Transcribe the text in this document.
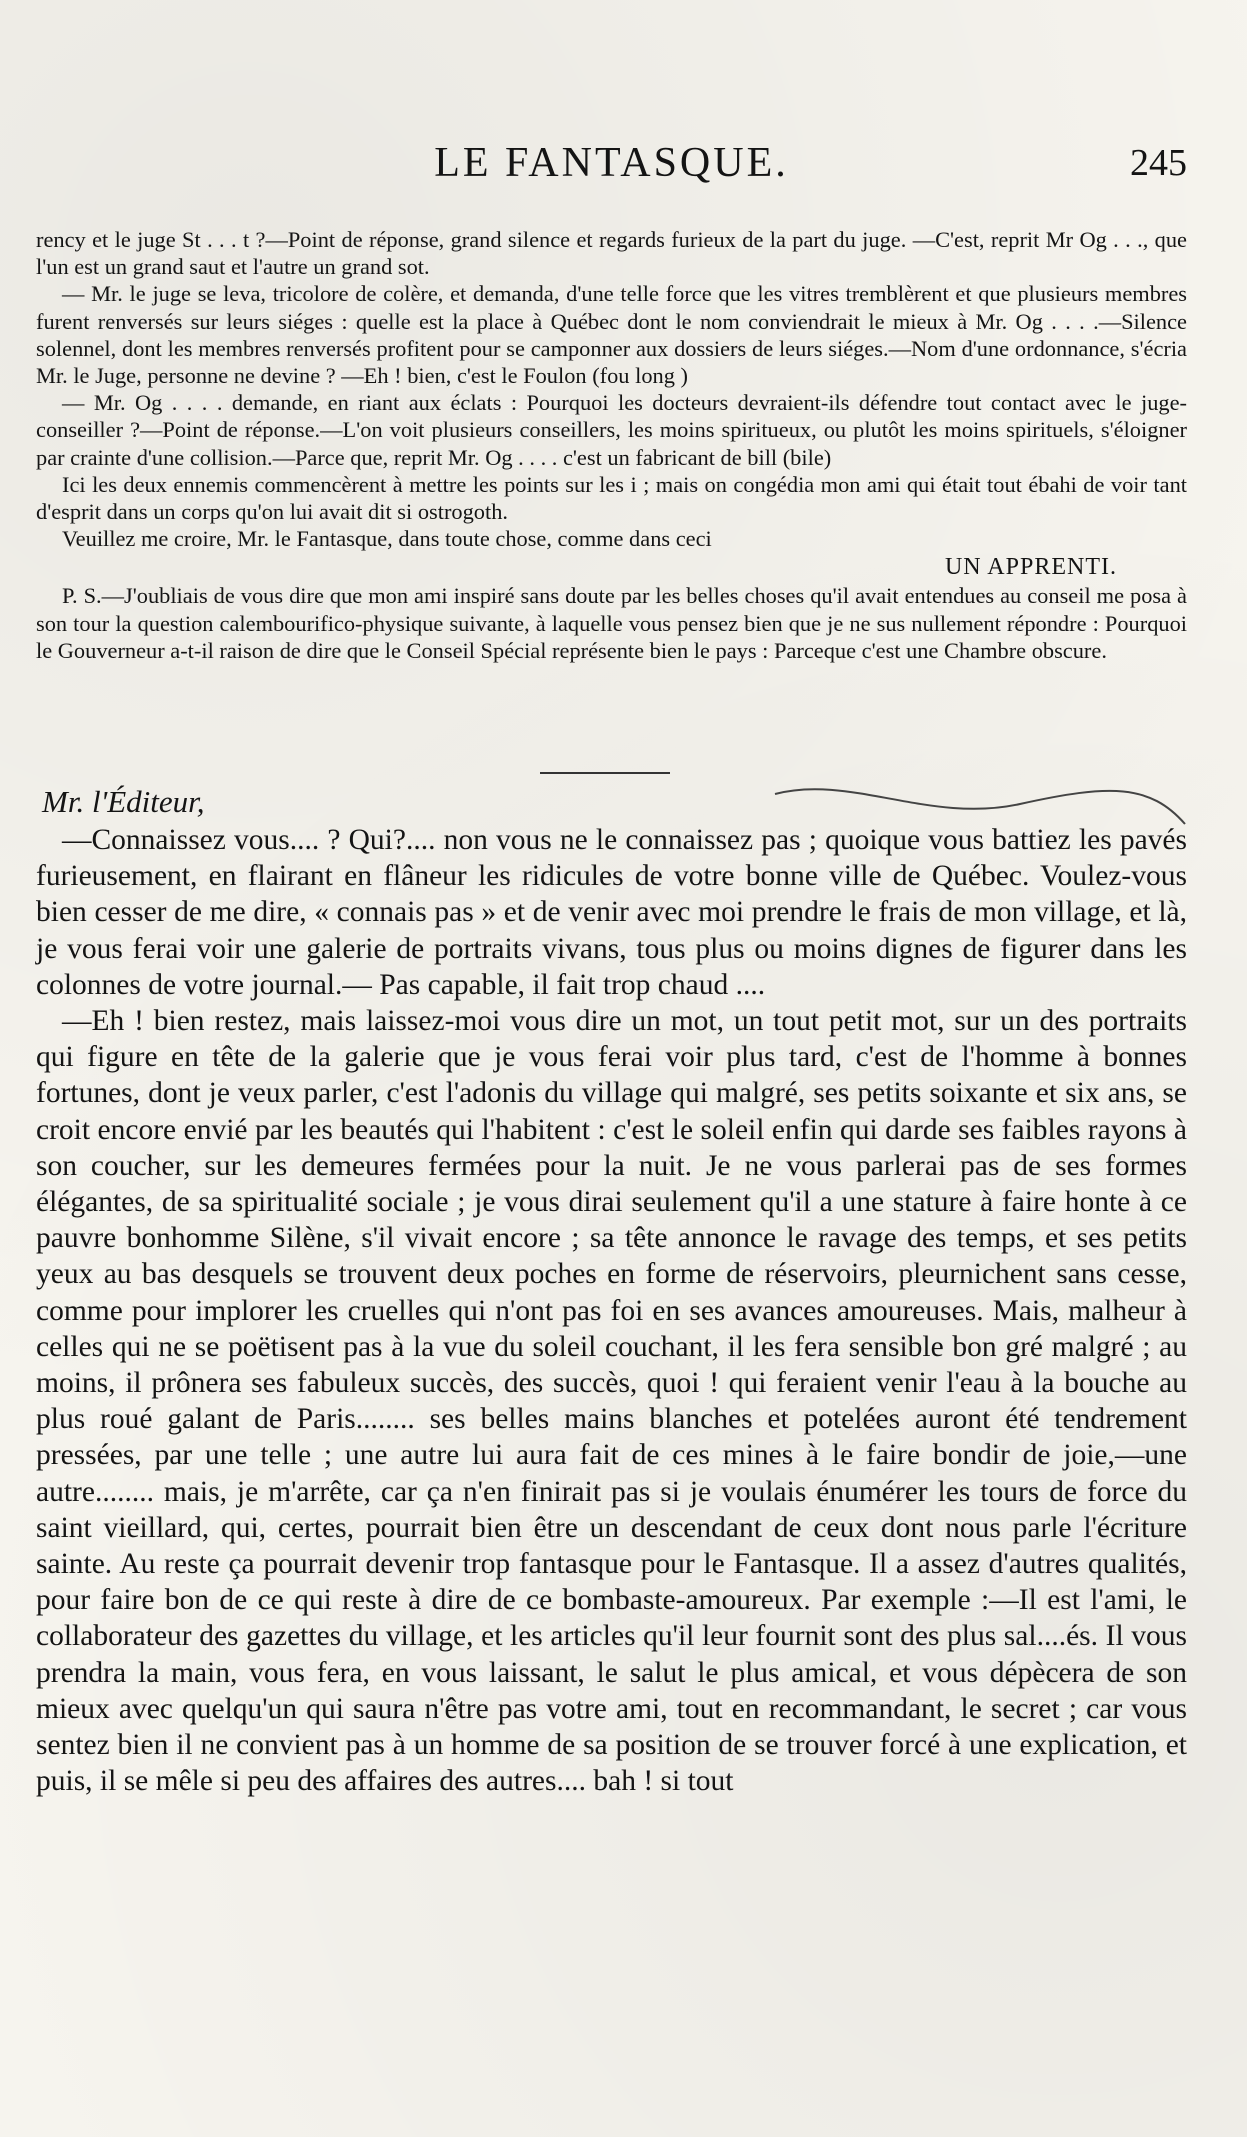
LE FANTASQUE.	245

rency et le juge St . . . t ?—Point de réponse, grand silence et regards furieux de la part du juge. —C'est, reprit Mr Og . . ., que l'un est un grand saut et l'autre un grand sot.

— Mr. le juge se leva, tricolore de colère, et demanda, d'une telle force que les vitres tremblèrent et que plusieurs membres furent renversés sur leurs siéges : quelle est la place à Québec dont le nom conviendrait le mieux à Mr. Og . . . .—Silence solennel, dont les membres renversés profitent pour se camponner aux dossiers de leurs siéges.—Nom d'une ordonnance, s'écria Mr. le Juge, personne ne devine ? —Eh ! bien, c'est le Foulon (fou long )

— Mr. Og . . . . demande, en riant aux éclats : Pourquoi les docteurs devraient-ils défendre tout contact avec le juge-conseiller ?—Point de réponse.—L'on voit plusieurs conseillers, les moins spiritueux, ou plutôt les moins spirituels, s'éloigner par crainte d'une collision.—Parce que, reprit Mr. Og . . . . c'est un fabricant de bill (bile)

Ici les deux ennemis commencèrent à mettre les points sur les i ; mais on congédia mon ami qui était tout ébahi de voir tant d'esprit dans un corps qu'on lui avait dit si ostrogoth.

Veuillez me croire, Mr. le Fantasque, dans toute chose, comme dans ceci

UN APPRENTI.

P. S.—J'oubliais de vous dire que mon ami inspiré sans doute par les belles choses qu'il avait entendues au conseil me posa à son tour la question calembourifico-physique suivante, à laquelle vous pensez bien que je ne sus nullement répondre : Pourquoi le Gouverneur a-t-il raison de dire que le Conseil Spécial représente bien le pays : Parceque c'est une Chambre obscure.

Mr. l'Éditeur,

—Connaissez vous.... ? Qui?.... non vous ne le connaissez pas ; quoique vous battiez les pavés furieusement, en flairant en flâneur les ridicules de votre bonne ville de Québec. Voulez-vous bien cesser de me dire, « connais pas » et de venir avec moi prendre le frais de mon village, et là, je vous ferai voir une galerie de portraits vivans, tous plus ou moins dignes de figurer dans les colonnes de votre journal.— Pas capable, il fait trop chaud ....

—Eh ! bien restez, mais laissez-moi vous dire un mot, un tout petit mot, sur un des portraits qui figure en tête de la galerie que je vous ferai voir plus tard, c'est de l'homme à bonnes fortunes, dont je veux parler, c'est l'adonis du village qui malgré, ses petits soixante et six ans, se croit encore envié par les beautés qui l'habitent : c'est le soleil enfin qui darde ses faibles rayons à son coucher, sur les demeures fermées pour la nuit. Je ne vous parlerai pas de ses formes élégantes, de sa spiritualité sociale ; je vous dirai seulement qu'il a une stature à faire honte à ce pauvre bonhomme Silène, s'il vivait encore ; sa tête annonce le ravage des temps, et ses petits yeux au bas desquels se trouvent deux poches en forme de réservoirs, pleurnichent sans cesse, comme pour implorer les cruelles qui n'ont pas foi en ses avances amoureuses. Mais, malheur à celles qui ne se poëtisent pas à la vue du soleil couchant, il les fera sensible bon gré malgré ; au moins, il prônera ses fabuleux succès, des succès, quoi ! qui feraient venir l'eau à la bouche au plus roué galant de Paris........ ses belles mains blanches et potelées auront été tendrement pressées, par une telle ; une autre lui aura fait de ces mines à le faire bondir de joie,—une autre........ mais, je m'arrête, car ça n'en finirait pas si je voulais énumérer les tours de force du saint vieillard, qui, certes, pourrait bien être un descendant de ceux dont nous parle l'écriture sainte. Au reste ça pourrait devenir trop fantasque pour le Fantasque. Il a assez d'autres qualités, pour faire bon de ce qui reste à dire de ce bombaste-amoureux. Par exemple :—Il est l'ami, le collaborateur des gazettes du village, et les articles qu'il leur fournit sont des plus sal....és. Il vous prendra la main, vous fera, en vous laissant, le salut le plus amical, et vous dépècera de son mieux avec quelqu'un qui saura n'être pas votre ami, tout en recommandant, le secret ; car vous sentez bien il ne convient pas à un homme de sa position de se trouver forcé à une explication, et puis, il se mêle si peu des affaires des autres.... bah ! si tout
